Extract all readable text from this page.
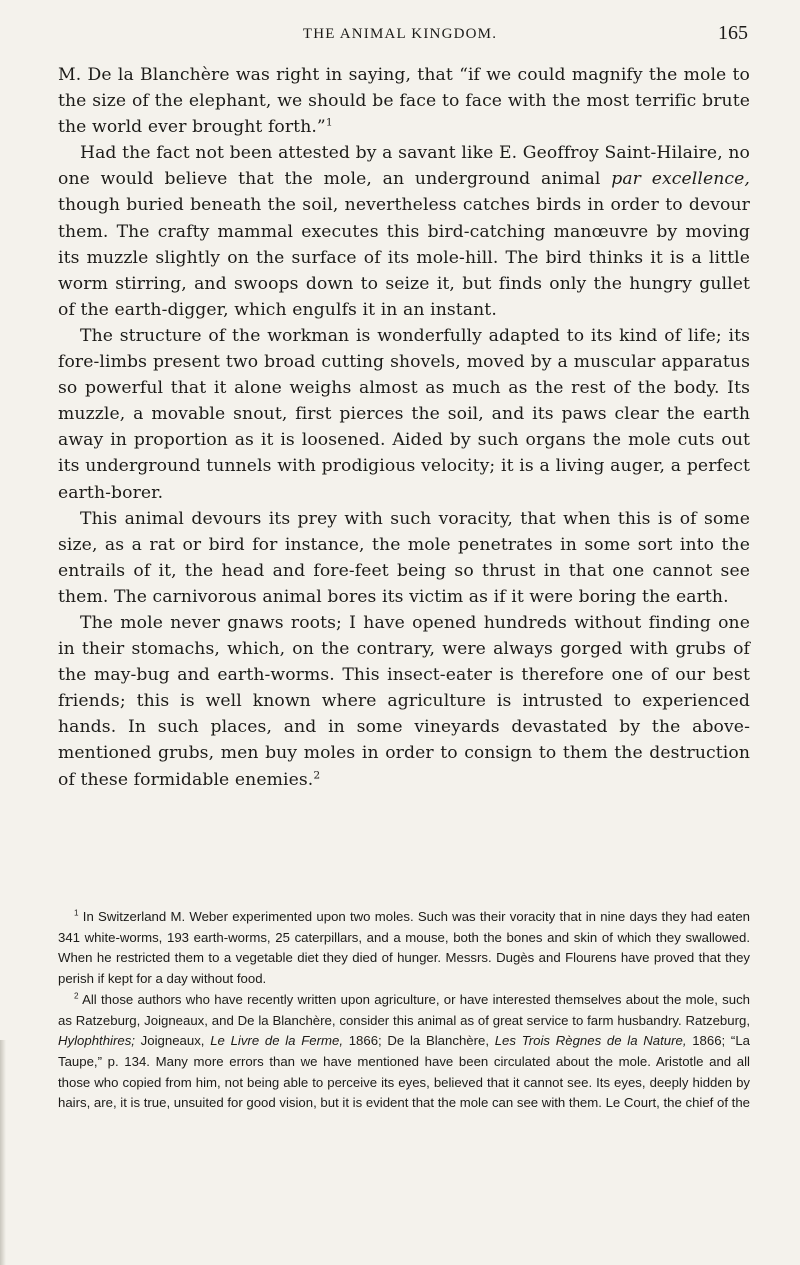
THE ANIMAL KINGDOM.	165

M. De la Blanchère was right in saying, that “if we could magnify the mole to the size of the elephant, we should be face to face with the most terrific brute the world ever brought forth.”$^1$

Had the fact not been attested by a savant like E. Geoffroy Saint-Hilaire, no one would believe that the mole, an underground animal par excellence, though buried beneath the soil, nevertheless catches birds in order to devour them. The crafty mammal executes this bird-catching manœuvre by moving its muzzle slightly on the surface of its mole-hill. The bird thinks it is a little worm stirring, and swoops down to seize it, but finds only the hungry gullet of the earth-digger, which engulfs it in an instant.

The structure of the workman is wonderfully adapted to its kind of life; its fore-limbs present two broad cutting shovels, moved by a muscular apparatus so powerful that it alone weighs almost as much as the rest of the body. Its muzzle, a movable snout, first pierces the soil, and its paws clear the earth away in proportion as it is loosened. Aided by such organs the mole cuts out its underground tunnels with prodigious velocity; it is a living auger, a perfect earth-borer.

This animal devours its prey with such voracity, that when this is of some size, as a rat or bird for instance, the mole penetrates in some sort into the entrails of it, the head and fore-feet being so thrust in that one cannot see them. The carnivorous animal bores its victim as if it were boring the earth.

The mole never gnaws roots; I have opened hundreds without finding one in their stomachs, which, on the contrary, were always gorged with grubs of the may-bug and earth-worms. This insect-eater is therefore one of our best friends; this is well known where agriculture is intrusted to experienced hands. In such places, and in some vineyards devastated by the above-mentioned grubs, men buy moles in order to consign to them the destruction of these formidable enemies.$^2$

$^1$ In Switzerland M. Weber experimented upon two moles. Such was their voracity that in nine days they had eaten 341 white-worms, 193 earth-worms, 25 caterpillars, and a mouse, both the bones and skin of which they swallowed. When he restricted them to a vegetable diet they died of hunger. Messrs. Dugès and Flourens have proved that they perish if kept for a day without food.

$^2$ All those authors who have recently written upon agriculture, or have interested themselves about the mole, such as Ratzeburg, Joigneaux, and De la Blanchère, consider this animal as of great service to farm husbandry. Ratzeburg, Hylophthires; Joigneaux, Le Livre de la Ferme, 1866; De la Blanchère, Les Trois Règnes de la Nature, 1866; “La Taupe,” p. 134. Many more errors than we have mentioned have been circulated about the mole. Aristotle and all those who copied from him, not being able to perceive its eyes, believed that it cannot see. Its eyes, deeply hidden by hairs, are, it is true, unsuited for good vision, but it is evident that the mole can see with them. Le Court, the chief of the
